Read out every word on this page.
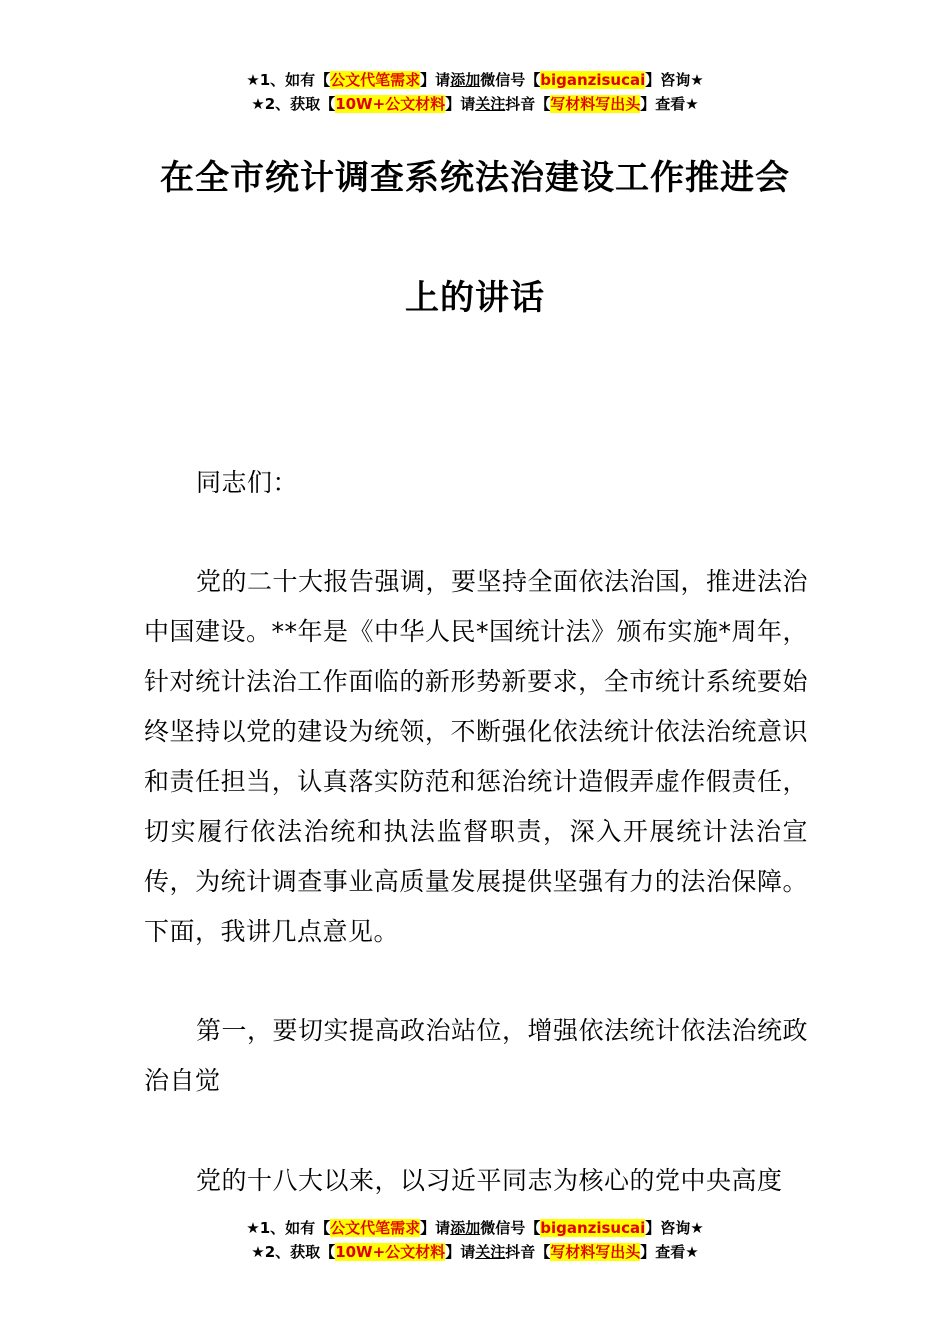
★1、如有【公文代笔需求】请添加微信号【biganzisucai】咨询★
★2、获取【10W+公文材料】请关注抖音【写材料写出头】查看★
在全市统计调查系统法治建设工作推进会
上的讲话
同志们：
党的二十大报告强调，要坚持全面依法治国，推进法治中国建设。**年是《中华人民*国统计法》颁布实施*周年，针对统计法治工作面临的新形势新要求，全市统计系统要始终坚持以党的建设为统领，不断强化依法统计依法治统意识和责任担当，认真落实防范和惩治统计造假弄虚作假责任，切实履行依法治统和执法监督职责，深入开展统计法治宣传，为统计调查事业高质量发展提供坚强有力的法治保障。下面，我讲几点意见。
第一，要切实提高政治站位，增强依法统计依法治统政治自觉
党的十八大以来，以习近平同志为核心的党中央高度
★1、如有【公文代笔需求】请添加微信号【biganzisucai】咨询★
★2、获取【10W+公文材料】请关注抖音【写材料写出头】查看★
